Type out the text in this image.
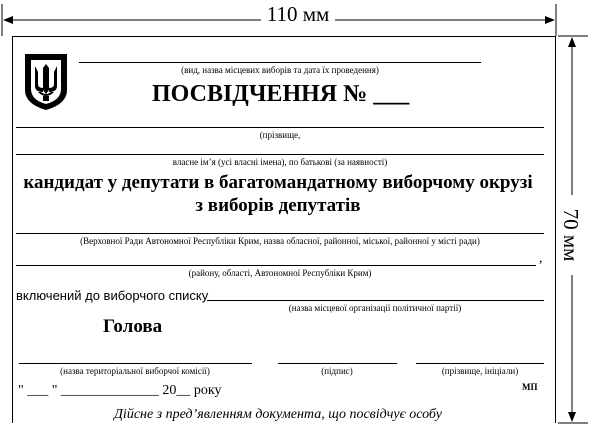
110 мм
70 мм
(вид, назва місцевих виборів та дата їх проведення)
ПОСВІДЧЕННЯ № ___
(прізвище,
власне ім’я (усі власні імена), по батькові (за наявності)
кандидат у депутати в багатомандатному виборчому окрузі
з виборів депутатів
(Верховної Ради Автономної Республіки Крим, назва обласної, районної, міської, районної у місті ради)
,
(району, області, Автономної Республіки Крим)
включений до виборчого списку
(назва місцевої організації політичної партії)
Голова
(назва територіальної виборчої комісії)	(підпис)	(прізвище, ініціали)
" ___ " ______________ 20__ року	МП
Дійсне з пред’явленням документа, що посвідчує особу
